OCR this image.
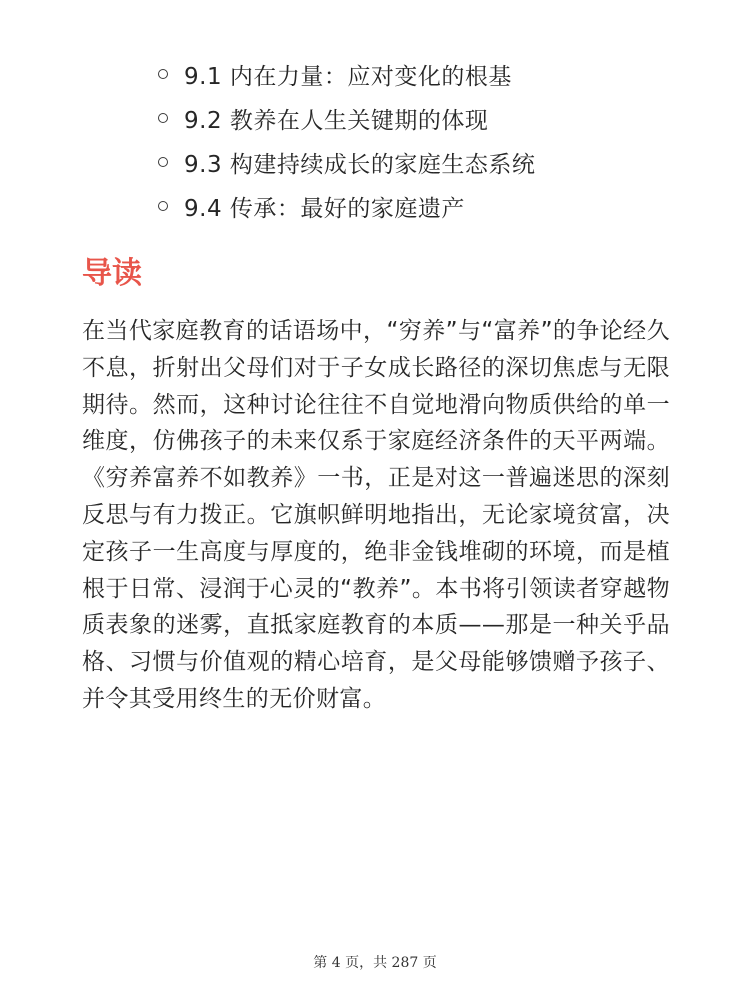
9.1 内在力量：应对变化的根基
9.2 教养在人生关键期的体现
9.3 构建持续成长的家庭生态系统
9.4 传承：最好的家庭遗产
导读

在当代家庭教育的话语场中，“穷养”与“富养”的争论经久不息，折射出父母们对于子女成长路径的深切焦虑与无限期待。然而，这种讨论往往不自觉地滑向物质供给的单一维度，仿佛孩子的未来仅系于家庭经济条件的天平两端。《穷养富养不如教养》一书，正是对这一普遍迷思的深刻反思与有力拨正。它旗帜鲜明地指出，无论家境贫富，决定孩子一生高度与厚度的，绝非金钱堆砌的环境，而是植根于日常、浸润于心灵的“教养”。本书将引领读者穿越物质表象的迷雾，直抵家庭教育的本质——那是一种关乎品格、习惯与价值观的精心培育，是父母能够馈赠予孩子、并令其受用终生的无价财富。

第 4 页，共 287 页
